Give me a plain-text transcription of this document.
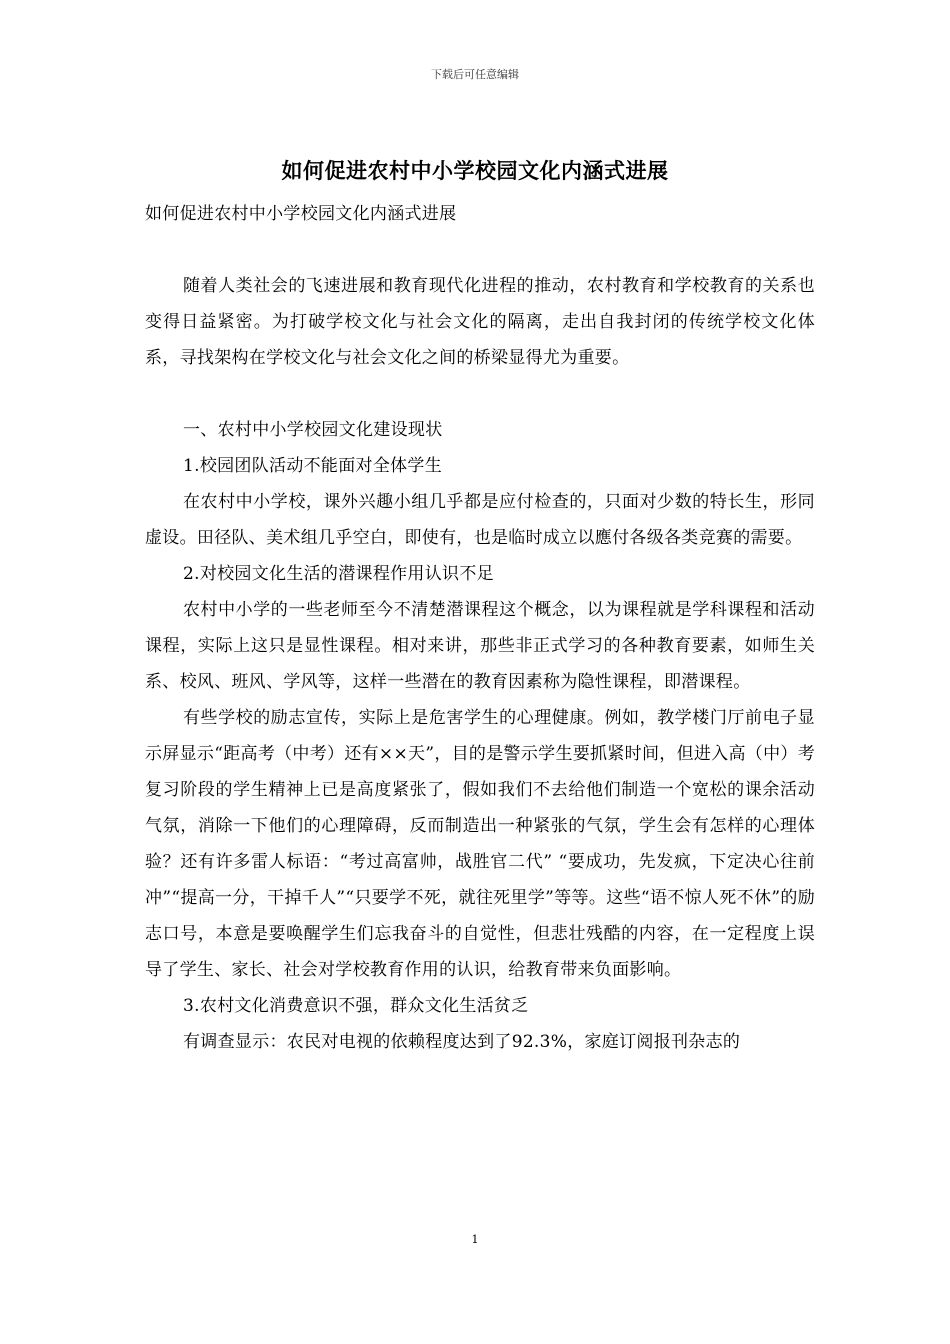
下载后可任意编辑
如何促进农村中小学校园文化内涵式进展

如何促进农村中小学校园文化内涵式进展

随着人类社会的飞速进展和教育现代化进程的推动，农村教育和学校教育的关系也变得日益紧密。为打破学校文化与社会文化的隔离，走出自我封闭的传统学校文化体系，寻找架构在学校文化与社会文化之间的桥梁显得尤为重要。

一、农村中小学校园文化建设现状

1.校园团队活动不能面对全体学生

在农村中小学校，课外兴趣小组几乎都是应付检查的，只面对少数的特长生，形同虚设。田径队、美术组几乎空白，即使有，也是临时成立以應付各级各类竞赛的需要。

2.对校园文化生活的潜课程作用认识不足

农村中小学的一些老师至今不清楚潜课程这个概念，以为课程就是学科课程和活动课程，实际上这只是显性课程。相对来讲，那些非正式学习的各种教育要素，如师生关系、校风、班风、学风等，这样一些潜在的教育因素称为隐性课程，即潜课程。

有些学校的励志宣传，实际上是危害学生的心理健康。例如，教学楼门厅前电子显示屏显示“距高考（中考）还有××天”，目的是警示学生要抓紧时间，但进入高（中）考复习阶段的学生精神上已是高度紧张了，假如我们不去给他们制造一个宽松的课余活动气氛，消除一下他们的心理障碍，反而制造出一种紧张的气氛，学生会有怎样的心理体验？还有许多雷人标语：“考过高富帅，战胜官二代” “要成功，先发疯，下定决心往前冲”“提高一分，干掉千人”“只要学不死，就往死里学”等等。这些“语不惊人死不休”的励志口号，本意是要唤醒学生们忘我奋斗的自觉性，但悲壮残酷的内容，在一定程度上误导了学生、家长、社会对学校教育作用的认识，给教育带来负面影响。

3.农村文化消费意识不强，群众文化生活贫乏

有调查显示：农民对电视的依赖程度达到了92.3%，家庭订阅报刊杂志的

1
